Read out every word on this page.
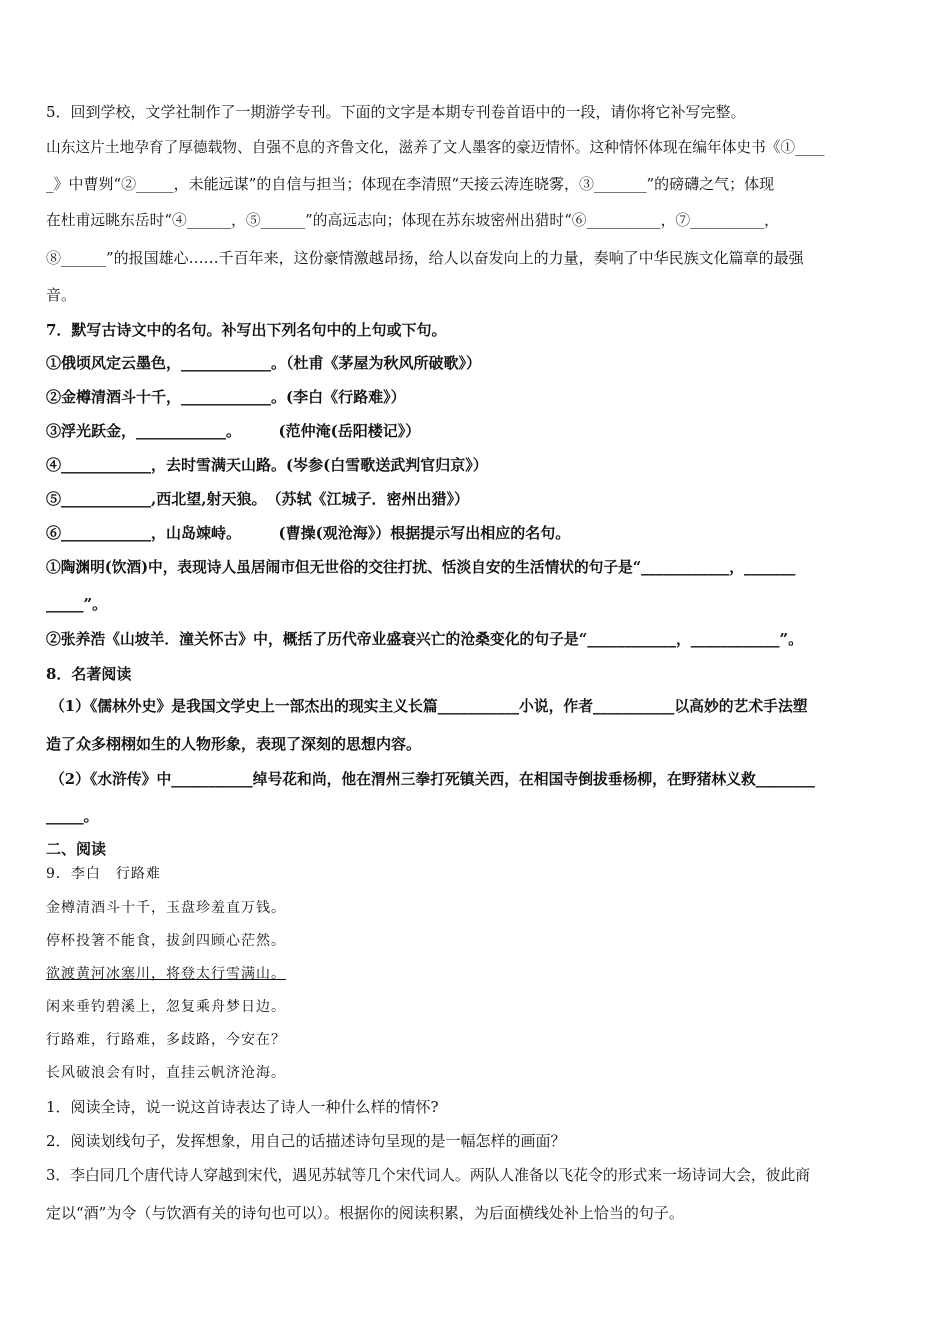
5．回到学校，文学社制作了一期游学专刊。下面的文字是本期专刊卷首语中的一段，请你将它补写完整。
山东这片土地孕育了厚德载物、自强不息的齐鲁文化，滋养了文人墨客的豪迈情怀。这种情怀体现在编年体史书《①____
_》中曹刿“②_____，未能远谋”的自信与担当；体现在李清照“天接云涛连晓雾，③_______”的磅礴之气；体现
在杜甫远眺东岳时“④______，⑤______”的高远志向；体现在苏东坡密州出猎时“⑥__________，⑦__________，
⑧______”的报国雄心……千百年来，这份豪情激越昂扬，给人以奋发向上的力量，奏响了中华民族文化篇章的最强
音。
7．默写古诗文中的名句。补写出下列名句中的上句或下句。
①俄顷风定云墨色，____________。（杜甫《茅屋为秋风所破歌》）
②金樽清酒斗十千，____________。(李白《行路难》）
③浮光跃金，____________。　　　(范仲淹(岳阳楼记》）
④____________，去时雪满天山路。(岑参(白雪歌送武判官归京》）
⑤____________,西北望,射天狼。　（苏轼《江城子．密州出猎》）
⑥____________，山岛竦峙。　　　(曹操(观沧海》）根据提示写出相应的名句。
①陶渊明(饮酒)中，表现诗人虽居闹市但无世俗的交往打扰、恬淡自安的生活情状的句子是“____________，_______
_____”。
②张养浩《山坡羊．潼关怀古》中，概括了历代帝业盛衰兴亡的沧桑变化的句子是“____________，____________”。
8．名著阅读
（1）《儒林外史》是我国文学史上一部杰出的现实主义长篇___________小说，作者___________以高妙的艺术手法塑
造了众多栩栩如生的人物形象，表现了深刻的思想内容。
（2）《水浒传》中___________绰号花和尚，他在渭州三拳打死镇关西，在相国寺倒拔垂杨柳，在野猪林义救________
_____。
二、阅读
9．李白　行路难
金樽清酒斗十千，玉盘珍羞直万钱。
停杯投箸不能食，拔剑四顾心茫然。
欲渡黄河冰塞川，将登太行雪满山。
闲来垂钓碧溪上，忽复乘舟梦日边。
行路难，行路难，多歧路，今安在？
长风破浪会有时，直挂云帆济沧海。
1．阅读全诗，说一说这首诗表达了诗人一种什么样的情怀?
2．阅读划线句子，发挥想象，用自己的话描述诗句呈现的是一幅怎样的画面？
3．李白同几个唐代诗人穿越到宋代，遇见苏轼等几个宋代词人。两队人准备以飞花令的形式来一场诗词大会，彼此商
定以“酒”为令（与饮酒有关的诗句也可以）。根据你的阅读积累，为后面横线处补上恰当的句子。
